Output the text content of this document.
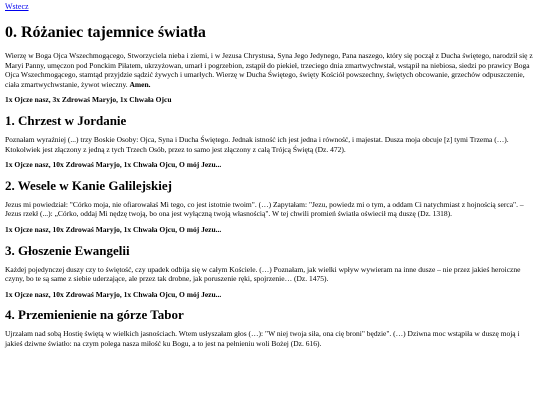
Wstecz
0. Różaniec tajemnice światła

Wierzę w Boga Ojca Wszechmogącego, Stworzyciela nieba i ziemi, i w Jezusa Chrystusa, Syna Jego Jedynego, Pana naszego, który się począł z Ducha świętego, narodził się z Maryi Panny, umęczon pod Ponckim Piłatem, ukrzyżowan, umarł i pogrzebion, zstąpił do piekieł, trzeciego dnia zmartwychwstał, wstąpił na niebiosa, siedzi po prawicy Boga Ojca Wszechmogącego, stamtąd przyjdzie sądzić żywych i umarłych. Wierzę w Ducha Świętego, święty Kościół powszechny, świętych obcowanie, grzechów odpuszczenie, ciała zmartwychwstanie, żywot wieczny. Amen.

1x Ojcze nasz, 3x Zdrowaś Maryjo, 1x Chwała Ojcu

1. Chrzest w Jordanie

Poznałam wyraźniej (...) trzy Boskie Osoby: Ojca, Syna i Ducha Świętego. Jednak istność ich jest jedna i równość, i majestat. Dusza moja obcuje [z] tymi Trzema (…). Ktokolwiek jest złączony z jedną z tych Trzech Osób, przez to samo jest złączony z całą Trójcą Świętą (Dz. 472).

1x Ojcze nasz, 10x Zdrowaś Maryjo, 1x Chwała Ojcu, O mój Jezu...

2. Wesele w Kanie Galilejskiej

Jezus mi powiedział: "Córko moja, nie ofiarowałaś Mi tego, co jest istotnie twoim". (…) Zapytałam: "Jezu, powiedz mi o tym, a oddam Ci natychmiast z hojnością serca". – Jezus rzekł (...): „Córko, oddaj Mi nędzę twoją, bo ona jest wyłączną twoją własnością". W tej chwili promień światła oświecił mą duszę (Dz. 1318).

1x Ojcze nasz, 10x Zdrowaś Maryjo, 1x Chwała Ojcu, O mój Jezu...

3. Głoszenie Ewangelii

Każdej pojedynczej duszy czy to świętość, czy upadek odbija się w całym Kościele. (…) Poznałam, jak wielki wpływ wywieram na inne dusze – nie przez jakieś heroiczne czyny, bo te są same z siebie uderzające, ale przez tak drobne, jak poruszenie ręki, spojrzenie… (Dz. 1475).

1x Ojcze nasz, 10x Zdrowaś Maryjo, 1x Chwała Ojcu, O mój Jezu...

4. Przemienienie na górze Tabor

Ujrzałam nad sobą Hostię świętą w wielkich jasnościach. Wtem usłyszałam głos (…): "W niej twoja siła, ona cię broni" będzie". (…) Dziwna moc wstąpiła w duszę moją i jakieś dziwne światło: na czym polega nasza miłość ku Bogu, a to jest na pełnieniu woli Bożej (Dz. 616).
